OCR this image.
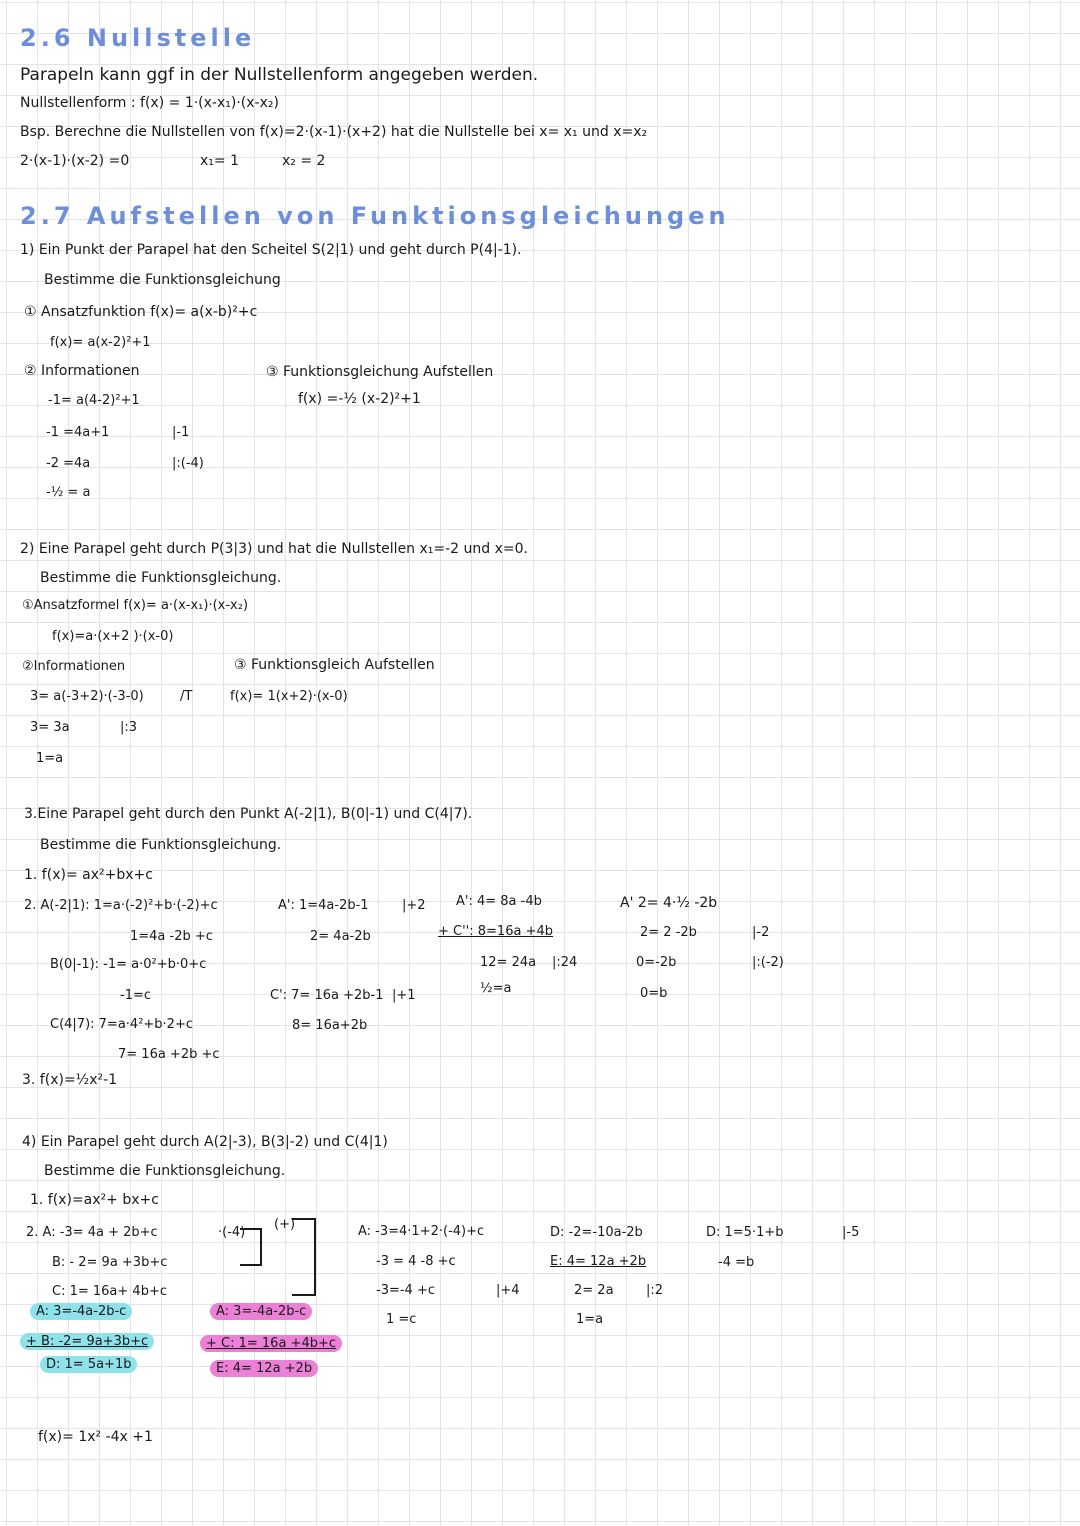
2.6 Nullstelle
Parapeln kann ggf in der Nullstellenform angegeben werden.
Nullstellenform : f(x) = 1·(x-x₁)·(x-x₂)
Bsp. Berechne die Nullstellen von f(x)=2·(x-1)·(x+2) hat die Nullstelle bei x= x₁ und x=x₂
2·(x-1)·(x-2) =0	x₁= 1	x₂ = 2
2.7 Aufstellen von Funktionsgleichungen
1) Ein Punkt der Parapel hat den Scheitel S(2|1) und geht durch P(4|-1).
Bestimme die Funktionsgleichung
① Ansatzfunktion f(x)= a(x-b)²+c
f(x)= a(x-2)²+1
② Informationen
-1= a(4-2)²+1
-1 =4a+1	|-1
-2 =4a	|:(-4)
-½ = a
③ Funktionsgleichung Aufstellen
f(x) =-½ (x-2)²+1
2) Eine Parapel geht durch P(3|3) und hat die Nullstellen x₁=-2 und x=0.
Bestimme die Funktionsgleichung.
①Ansatzformel f(x)= a·(x-x₁)·(x-x₂)
f(x)=a·(x+2 )·(x-0)
②Informationen
3= a(-3+2)·(-3-0)	/T
3= 3a	|:3
1=a
③ Funktionsgleich Aufstellen
f(x)= 1(x+2)·(x-0)
3.Eine Parapel geht durch den Punkt A(-2|1), B(0|-1) und C(4|7).
Bestimme die Funktionsgleichung.
1. f(x)= ax²+bx+c
2. A(-2|1): 1=a·(-2)²+b·(-2)+c
1=4a -2b +c
B(0|-1): -1= a·0²+b·0+c
-1=c
C(4|7): 7=a·4²+b·2+c
7= 16a +2b +c
A': 1=4a-2b-1	|+2
2= 4a-2b
C': 7= 16a +2b-1 |+1
8= 16a+2b
A': 4= 8a -4b
+ C'': 8=16a +4b
12= 24a |:24
½=a
A' 2= 4·½ -2b
2= 2 -2b	|-2
0=-2b	|:(-2)
0=b
3. f(x)=½x²-1
4) Ein Parapel geht durch A(2|-3), B(3|-2) und C(4|1)
Bestimme die Funktionsgleichung.
1. f(x)=ax²+ bx+c
2. A: -3= 4a + 2b+c
B: - 2= 9a +3b+c
C: 1= 16a+ 4b+c
·(-4)
(+)
A: 3=-4a-2b-c
+ B: -2= 9a+3b+c
D: 1= 5a+1b
A: 3=-4a-2b-c
+ C: 1= 16a +4b+c
E: 4= 12a +2b
A: -3=4·1+2·(-4)+c
-3 = 4 -8 +c
-3=-4 +c	|+4
1 =c
D: -2=-10a-2b
E: 4= 12a +2b
2= 2a |:2
1=a
D: 1=5·1+b	|-5
-4 =b
f(x)= 1x² -4x +1
